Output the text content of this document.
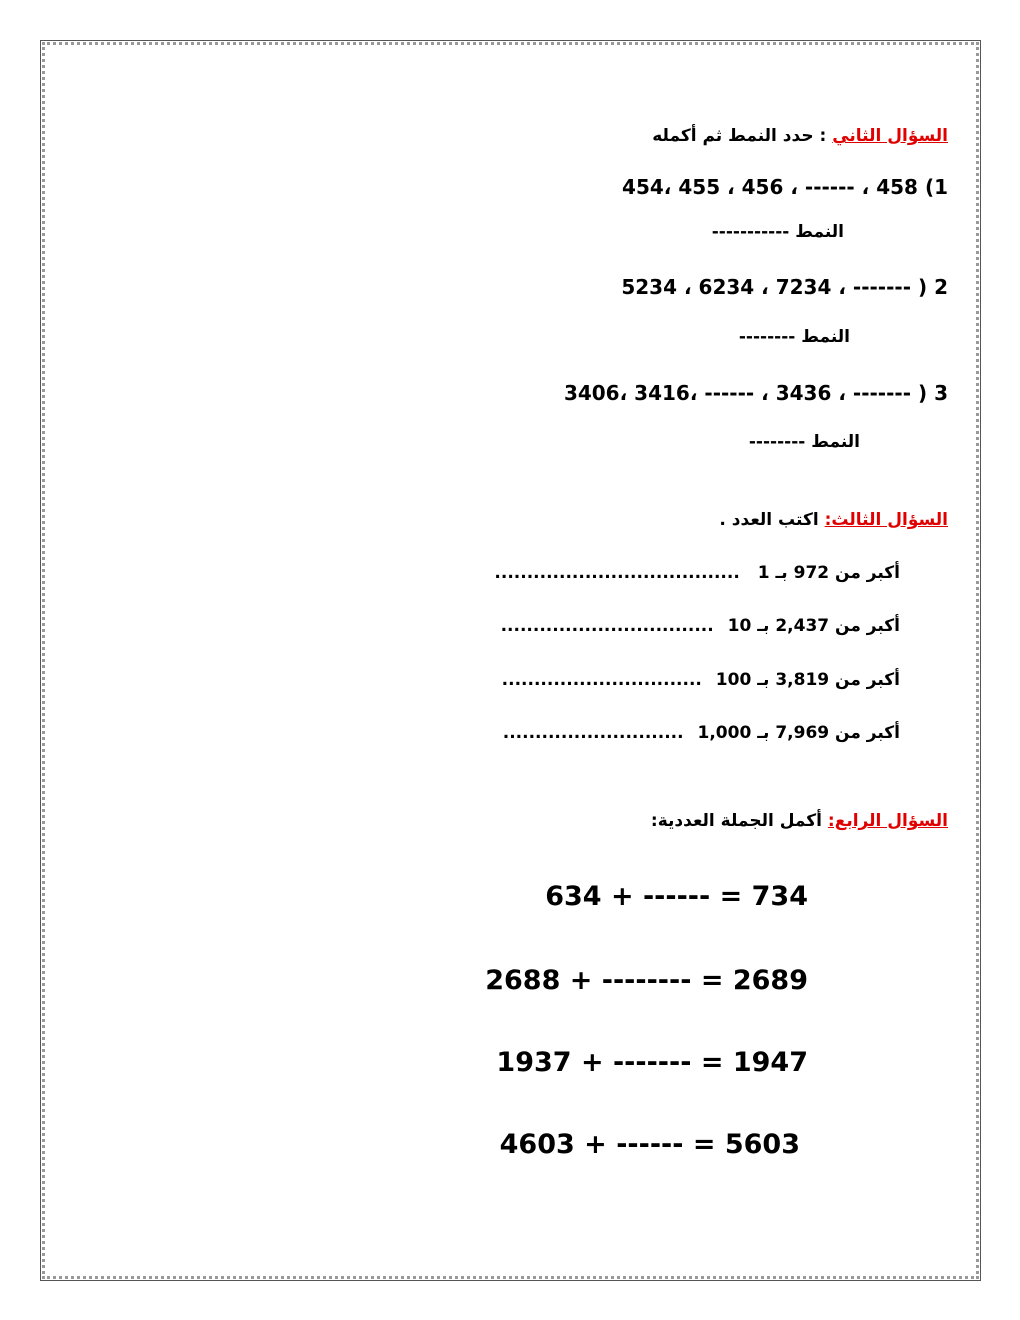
السؤال الثاني : حدد النمط ثم أكمله
454، 455 ، 456 ، ------ ، 458 (1
النمط -----------
5234 ، 6234 ، 7234 ، ------- ) 2
النمط --------
3406، 3416، ------ ، 3436 ، ------- ) 3
النمط --------
السؤال الثالث: اكتب العدد .
أكبر من 972 بـ 1 ......................................
أكبر من 2,437 بـ 10 .................................
أكبر من 3,819 بـ 100 ...............................
أكبر من 7,969 بـ 1,000 ............................
السؤال الرابع: أكمل الجملة العددية:
634 + ------ = 734
2688 + -------- = 2689
1937 + ------- = 1947
4603 + ------ = 5603
